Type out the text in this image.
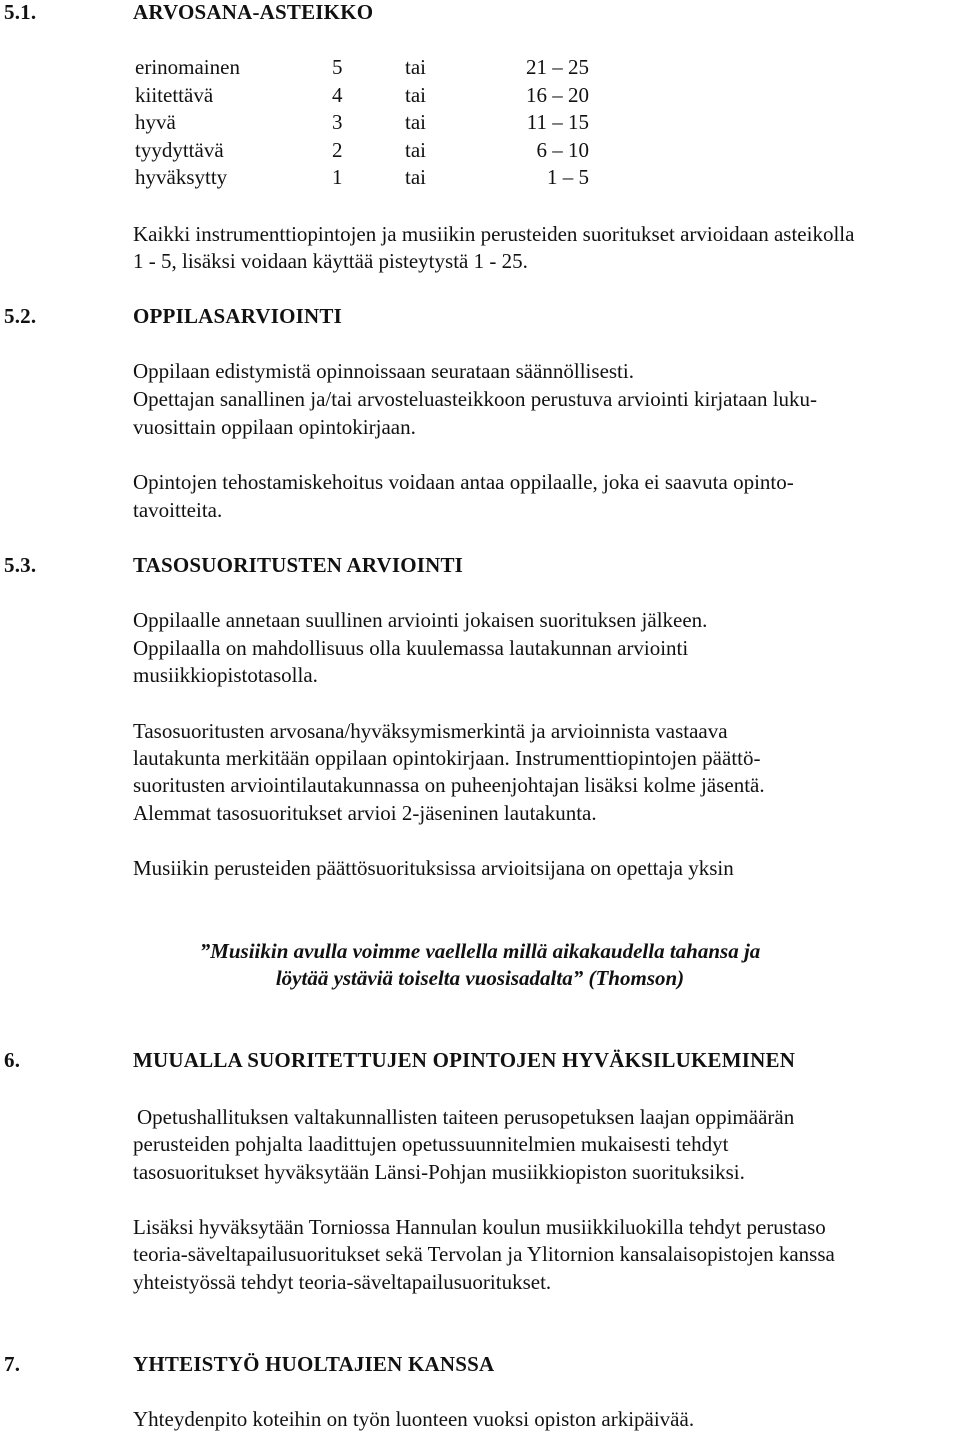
5.1.	ARVOSANA-ASTEIKKO
erinomainen	5	tai	21 – 25
kiitettävä	4	tai	16 – 20
hyvä	3	tai	11 – 15
tyydyttävä	2	tai	6 – 10
hyväksytty	1	tai	1 – 5
Kaikki instrumenttiopintojen ja musiikin perusteiden suoritukset arvioidaan asteikolla
1 - 5, lisäksi voidaan käyttää pisteytystä 1 - 25.
5.2.	OPPILASARVIOINTI
Oppilaan edistymistä opinnoissaan seurataan säännöllisesti.
Opettajan sanallinen ja/tai arvosteluasteikkoon perustuva arviointi kirjataan luku-
vuosittain oppilaan opintokirjaan.
Opintojen tehostamiskehoitus voidaan antaa oppilaalle, joka ei saavuta opinto-
tavoitteita.
5.3.	TASOSUORITUSTEN ARVIOINTI
Oppilaalle annetaan suullinen arviointi jokaisen suorituksen jälkeen.
Oppilaalla on mahdollisuus olla kuulemassa lautakunnan arviointi
musiikkiopistotasolla.
Tasosuoritusten arvosana/hyväksymismerkintä ja arvioinnista vastaava
lautakunta merkitään oppilaan opintokirjaan. Instrumenttiopintojen päättö-
suoritusten arviointilautakunnassa on puheenjohtajan lisäksi kolme jäsentä.
Alemmat tasosuoritukset arvioi 2-jäseninen lautakunta.
Musiikin perusteiden päättösuorituksissa arvioitsijana on opettaja yksin
”Musiikin avulla voimme vaellella millä aikakaudella tahansa ja
löytää ystäviä toiselta vuosisadalta” (Thomson)
6.	MUUALLA SUORITETTUJEN OPINTOJEN HYVÄKSILUKEMINEN
Opetushallituksen valtakunnallisten taiteen perusopetuksen laajan oppimäärän
perusteiden pohjalta laadittujen opetussuunnitelmien mukaisesti tehdyt
tasosuoritukset hyväksytään Länsi-Pohjan musiikkiopiston suorituksiksi.
Lisäksi hyväksytään Torniossa Hannulan koulun musiikkiluokilla tehdyt perustaso
teoria-säveltapailusuoritukset sekä Tervolan ja Ylitornion kansalaisopistojen kanssa
yhteistyössä tehdyt teoria-säveltapailusuoritukset.
7.	YHTEISTYÖ HUOLTAJIEN KANSSA
Yhteydenpito koteihin on työn luonteen vuoksi opiston arkipäivää.
